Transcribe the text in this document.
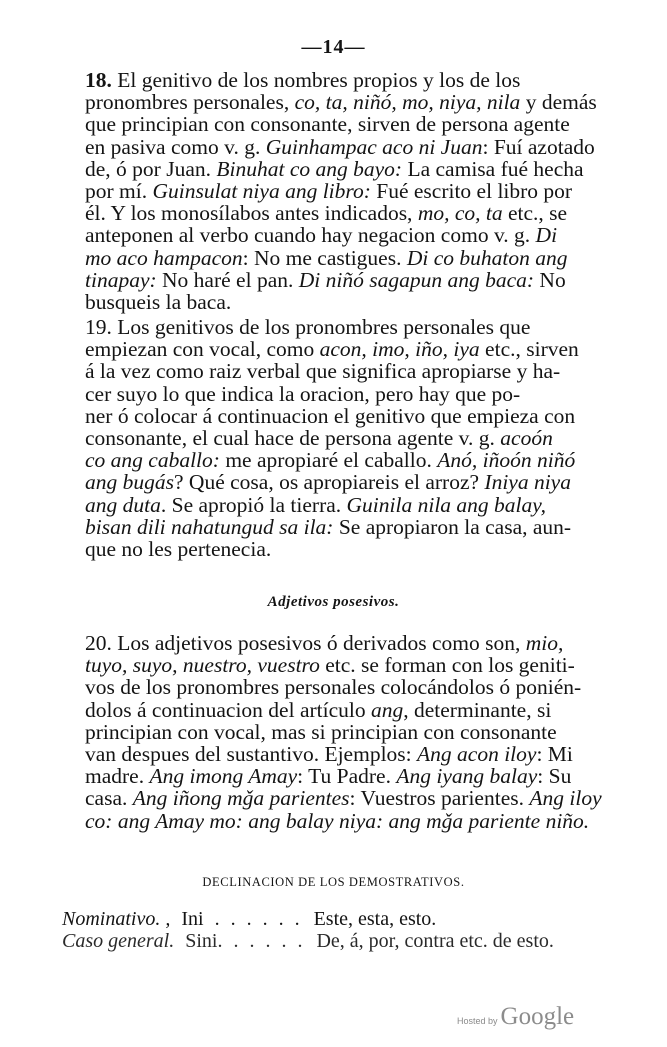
—14—
18. El genitivo de los nombres propios y los de los
pronombres personales, co, ta, niñó, mo, niya, nila y demás
que principian con consonante, sirven de persona agente
en pasiva como v. g. Guinhampac aco ni Juan: Fuí azotado
de, ó por Juan. Binuhat co ang bayo: La camisa fué hecha
por mí. Guinsulat niya ang libro: Fué escrito el libro por
él. Y los monosílabos antes indicados, mo, co, ta etc., se
anteponen al verbo cuando hay negacion como v. g. Di
mo aco hampacon: No me castigues. Di co buhaton ang
tinapay: No haré el pan. Di niñó sagapun ang baca: No
busqueis la baca.
19. Los genitivos de los pronombres personales que
empiezan con vocal, como acon, imo, iño, iya etc., sirven
á la vez como raiz verbal que significa apropiarse y ha-
cer suyo lo que indica la oracion, pero hay que po-
ner ó colocar á continuacion el genitivo que empieza con
consonante, el cual hace de persona agente v. g. acoón
co ang caballo: me apropiaré el caballo. Anó, iñoón niñó
ang bugás? Qué cosa, os apropiareis el arroz? Iniya niya
ang duta. Se apropió la tierra. Guinila nila ang balay,
bisan dili nahatungud sa ila: Se apropiaron la casa, aun-
que no les pertenecia.
Adjetivos posesivos.
20. Los adjetivos posesivos ó derivados como son, mio,
tuyo, suyo, nuestro, vuestro etc. se forman con los geniti-
vos de los pronombres personales colocándolos ó ponién-
dolos á continuacion del artículo ang, determinante, si
principian con vocal, mas si principian con consonante
van despues del sustantivo. Ejemplos: Ang acon iloy: Mi
madre. Ang imong Amay: Tu Padre. Ang iyang balay: Su
casa. Ang iñong mǧa parientes: Vuestros parientes. Ang iloy
co: ang Amay mo: ang balay niya: ang mǧa pariente niño.
DECLINACION DE LOS DEMOSTRATIVOS.
Nominativo. , Ini . . . . . . Este, esta, esto.
Caso general. Sini. . . . . . De, á, por, contra etc. de esto.
Hosted by Google
